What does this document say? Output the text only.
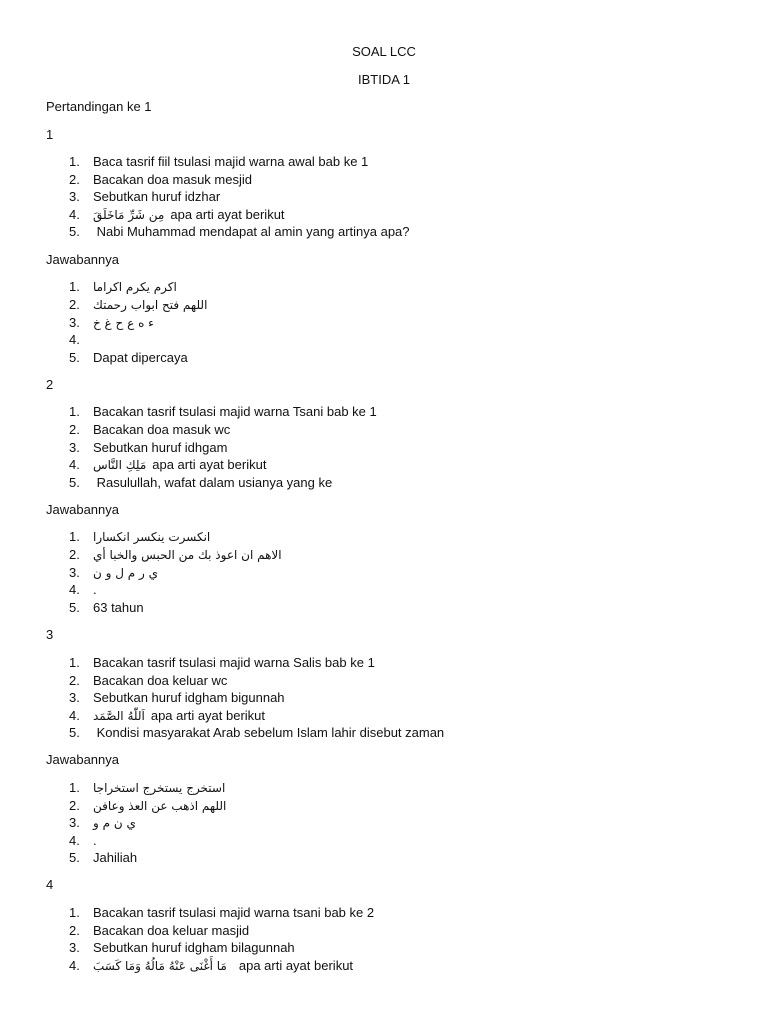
SOAL LCC
IBTIDA 1
Pertandingan ke 1
1
1. Baca tasrif fiil tsulasi majid warna awal bab ke 1
2. Bacakan doa masuk mesjid
3. Sebutkan huruf idzhar
4. مِن شَرِّ مَاخَلَقَ apa arti ayat berikut
5. Nabi Muhammad mendapat al amin yang artinya apa?
Jawabannya
1. اكرم يكرم اكراما
2. اللهم فتح ابواب رحمتك
3. ء ه ع ح غ خ
4.
5. Dapat dipercaya
2
1. Bacakan tasrif tsulasi majid warna Tsani bab ke 1
2. Bacakan doa masuk wc
3. Sebutkan huruf idhgam
4. مَلِكِ النَّاس apa arti ayat berikut
5. Rasulullah, wafat dalam usianya yang ke
Jawabannya
1. انكسرت ينكسر انكسارا
2. الاهم ان اعوذ بك من الحبس والخبا أي
3. ي ر م ل و ن
4. .
5. 63 tahun
3
1. Bacakan tasrif tsulasi majid warna Salis bab ke 1
2. Bacakan doa keluar wc
3. Sebutkan huruf idgham bigunnah
4. اَللّٰهُ الصَّمَد apa arti ayat berikut
5. Kondisi masyarakat Arab sebelum Islam lahir disebut zaman
Jawabannya
1. استخرج يستخرج استخراجا
2. اللهم اذهب عن العذ وعافن
3. ي ن م و
4. .
5. Jahiliah
4
1. Bacakan tasrif tsulasi majid warna tsani bab ke 2
2. Bacakan doa keluar masjid
3. Sebutkan huruf idgham bilagunnah
4. مَا أَغْنَى عَنْهُ مَالُهُ وَمَا كَسَبَ apa arti ayat berikut
